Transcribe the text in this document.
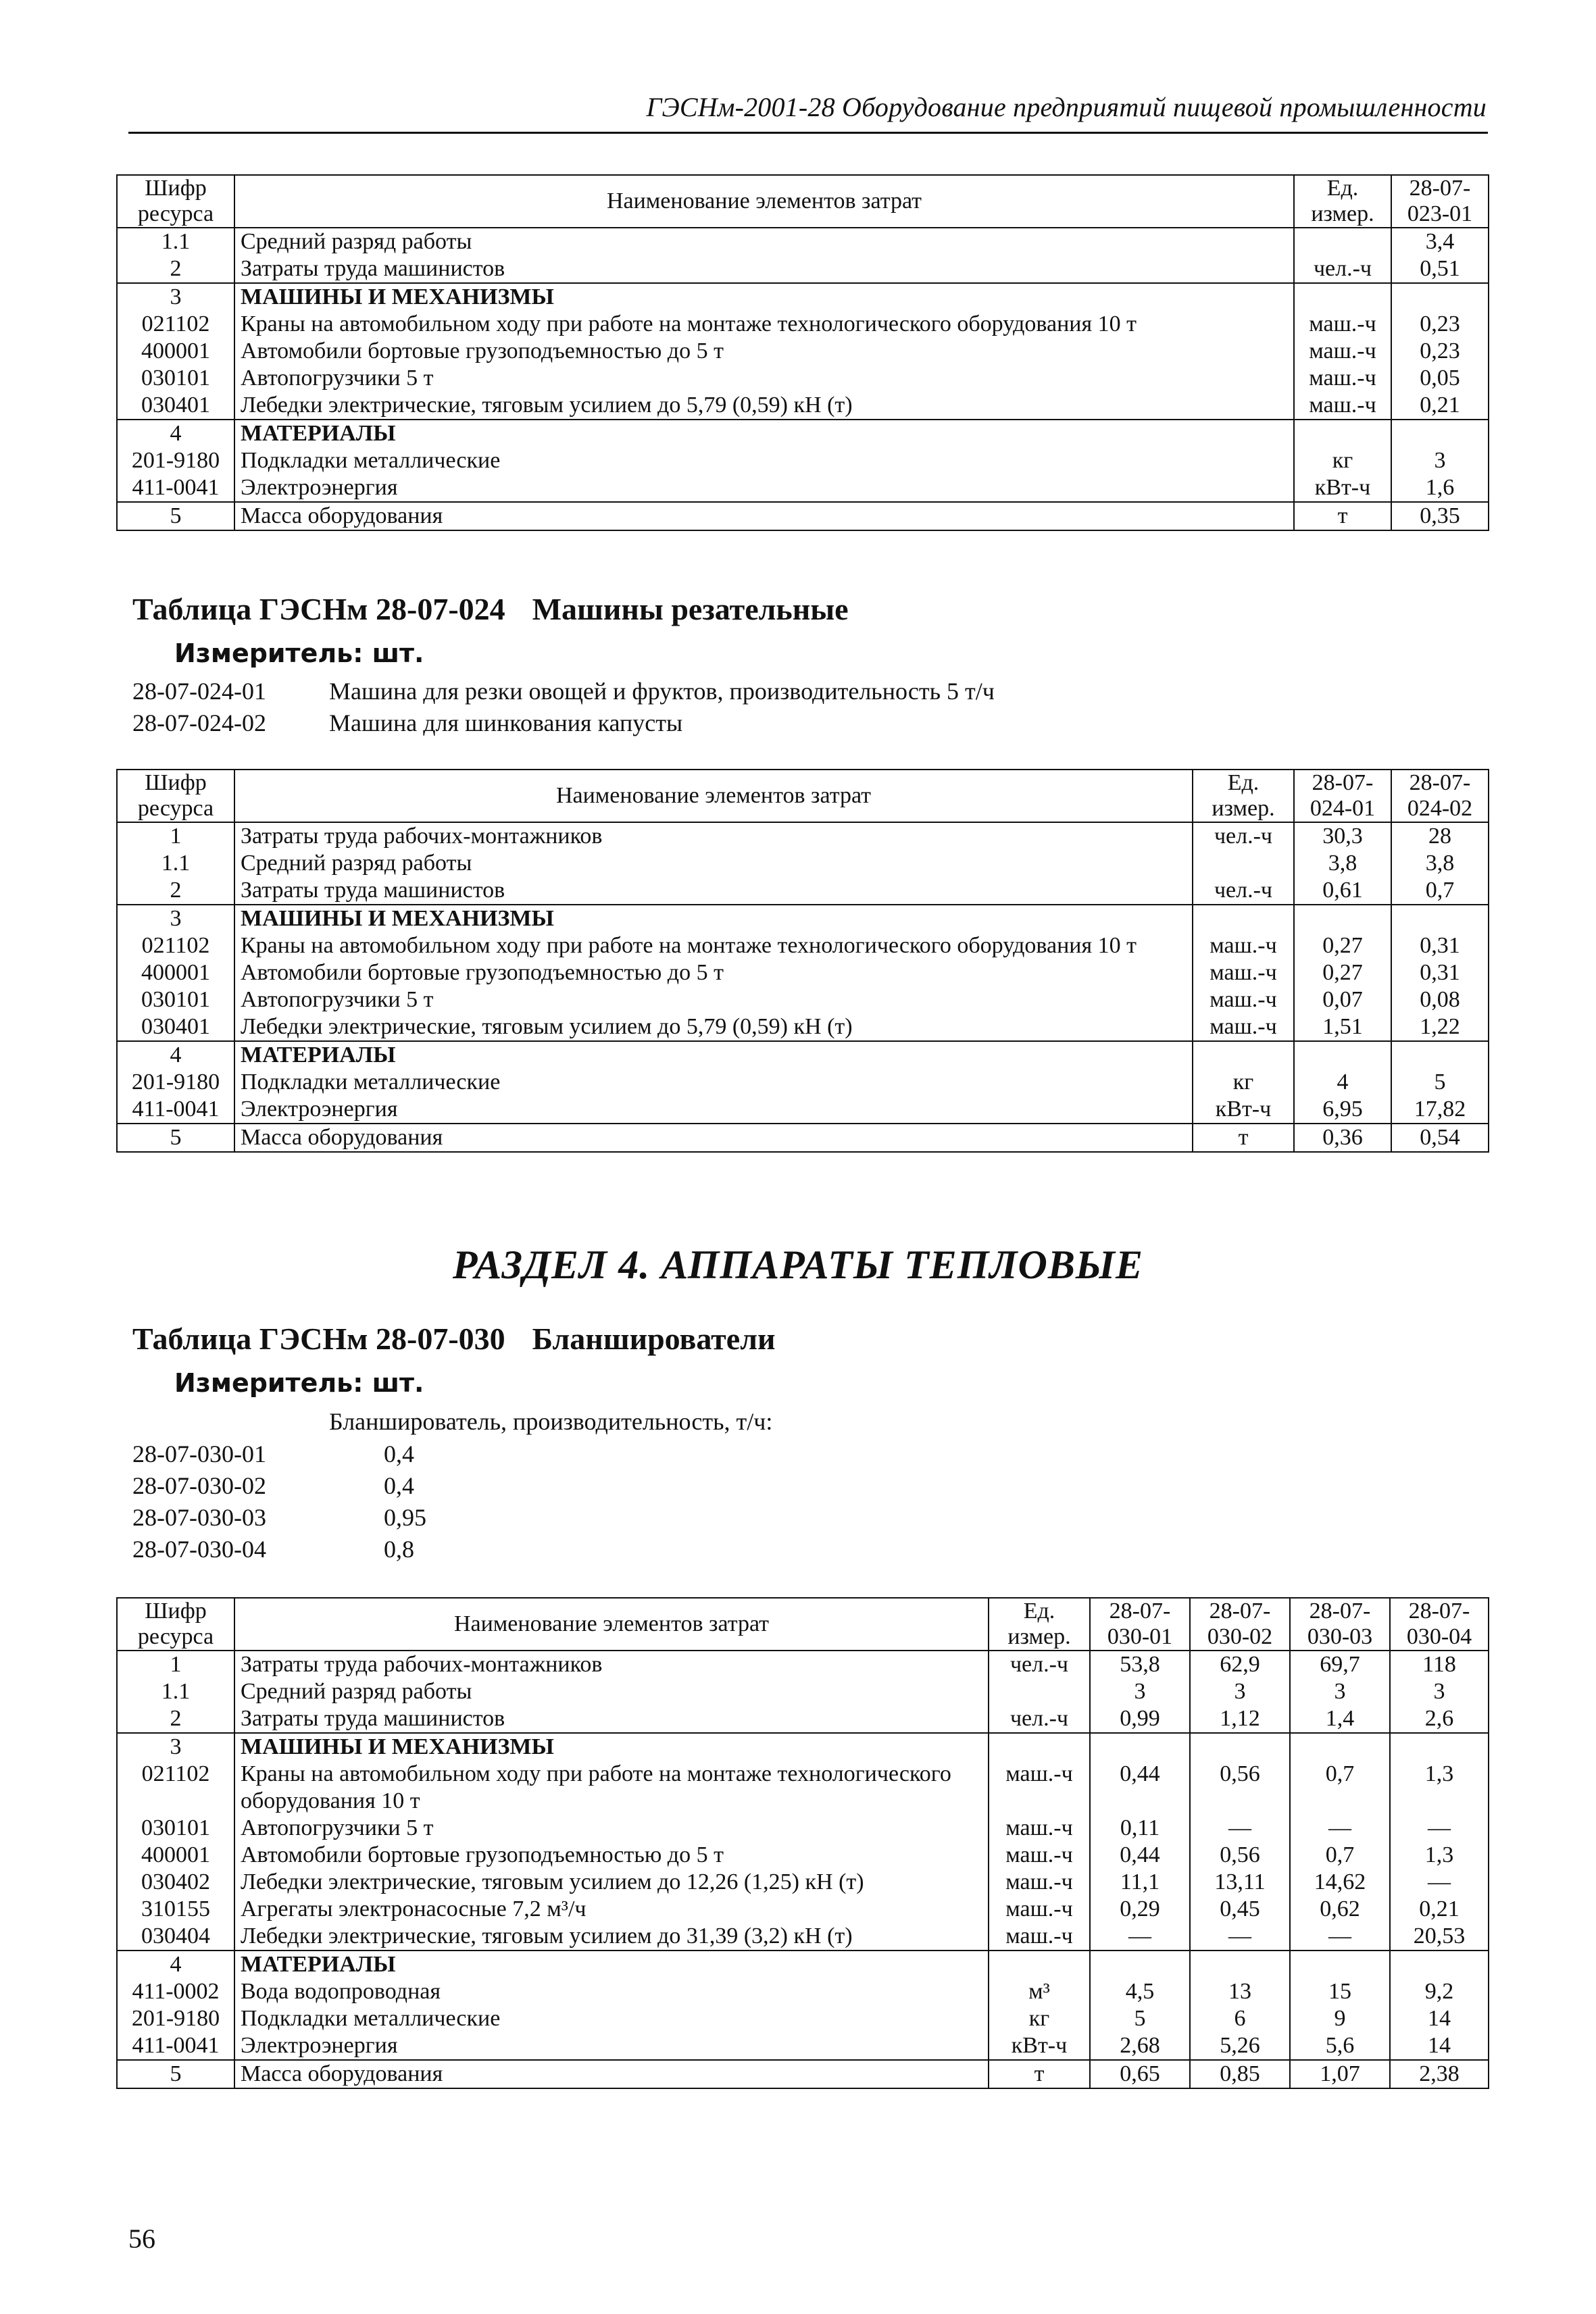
ГЭСНм-2001-28 Оборудование предприятий пищевой промышленности
Шифр ресурса	Наименование элементов затрат	Ед. измер.	28-07-023-01
1.1	Средний разряд работы		3,4
2	Затраты труда машинистов	чел.-ч	0,51
3	МАШИНЫ И МЕХАНИЗМЫ		
021102	Краны на автомобильном ходу при работе на монтаже технологического оборудования 10 т	маш.-ч	0,23
400001	Автомобили бортовые грузоподъемностью до 5 т	маш.-ч	0,23
030101	Автопогрузчики 5 т	маш.-ч	0,05
030401	Лебедки электрические, тяговым усилием до 5,79 (0,59) кН (т)	маш.-ч	0,21
4	МАТЕРИАЛЫ		
201-9180	Подкладки металлические	кг	3
411-0041	Электроэнергия	кВт-ч	1,6
5	Масса оборудования	т	0,35
Таблица ГЭСНм 28-07-024 Машины резательные
Измеритель: шт.
28-07-024-01	Машина для резки овощей и фруктов, производительность 5 т/ч
28-07-024-02	Машина для шинкования капусты
Шифр ресурса	Наименование элементов затрат	Ед. измер.	28-07-024-01	28-07-024-02
1	Затраты труда рабочих-монтажников	чел.-ч	30,3	28
1.1	Средний разряд работы		3,8	3,8
2	Затраты труда машинистов	чел.-ч	0,61	0,7
3	МАШИНЫ И МЕХАНИЗМЫ			
021102	Краны на автомобильном ходу при работе на монтаже технологического оборудования 10 т	маш.-ч	0,27	0,31
400001	Автомобили бортовые грузоподъемностью до 5 т	маш.-ч	0,27	0,31
030101	Автопогрузчики 5 т	маш.-ч	0,07	0,08
030401	Лебедки электрические, тяговым усилием до 5,79 (0,59) кН (т)	маш.-ч	1,51	1,22
4	МАТЕРИАЛЫ			
201-9180	Подкладки металлические	кг	4	5
411-0041	Электроэнергия	кВт-ч	6,95	17,82
5	Масса оборудования	т	0,36	0,54
РАЗДЕЛ 4. АППАРАТЫ ТЕПЛОВЫЕ
Таблица ГЭСНм 28-07-030 Бланширователи
Измеритель: шт.
Бланширователь, производительность, т/ч:
28-07-030-01	0,4
28-07-030-02	0,4
28-07-030-03	0,95
28-07-030-04	0,8
Шифр ресурса	Наименование элементов затрат	Ед. измер.	28-07-030-01	28-07-030-02	28-07-030-03	28-07-030-04
1	Затраты труда рабочих-монтажников	чел.-ч	53,8	62,9	69,7	118
1.1	Средний разряд работы		3	3	3	3
2	Затраты труда машинистов	чел.-ч	0,99	1,12	1,4	2,6
3	МАШИНЫ И МЕХАНИЗМЫ					
021102	Краны на автомобильном ходу при работе на монтаже технологического оборудования 10 т	маш.-ч	0,44	0,56	0,7	1,3
030101	Автопогрузчики 5 т	маш.-ч	0,11	—	—	—
400001	Автомобили бортовые грузоподъемностью до 5 т	маш.-ч	0,44	0,56	0,7	1,3
030402	Лебедки электрические, тяговым усилием до 12,26 (1,25) кН (т)	маш.-ч	11,1	13,11	14,62	—
310155	Агрегаты электронасосные 7,2 м³/ч	маш.-ч	0,29	0,45	0,62	0,21
030404	Лебедки электрические, тяговым усилием до 31,39 (3,2) кН (т)	маш.-ч	—	—	—	20,53
4	МАТЕРИАЛЫ					
411-0002	Вода водопроводная	м³	4,5	13	15	9,2
201-9180	Подкладки металлические	кг	5	6	9	14
411-0041	Электроэнергия	кВт-ч	2,68	5,26	5,6	14
5	Масса оборудования	т	0,65	0,85	1,07	2,38
56
